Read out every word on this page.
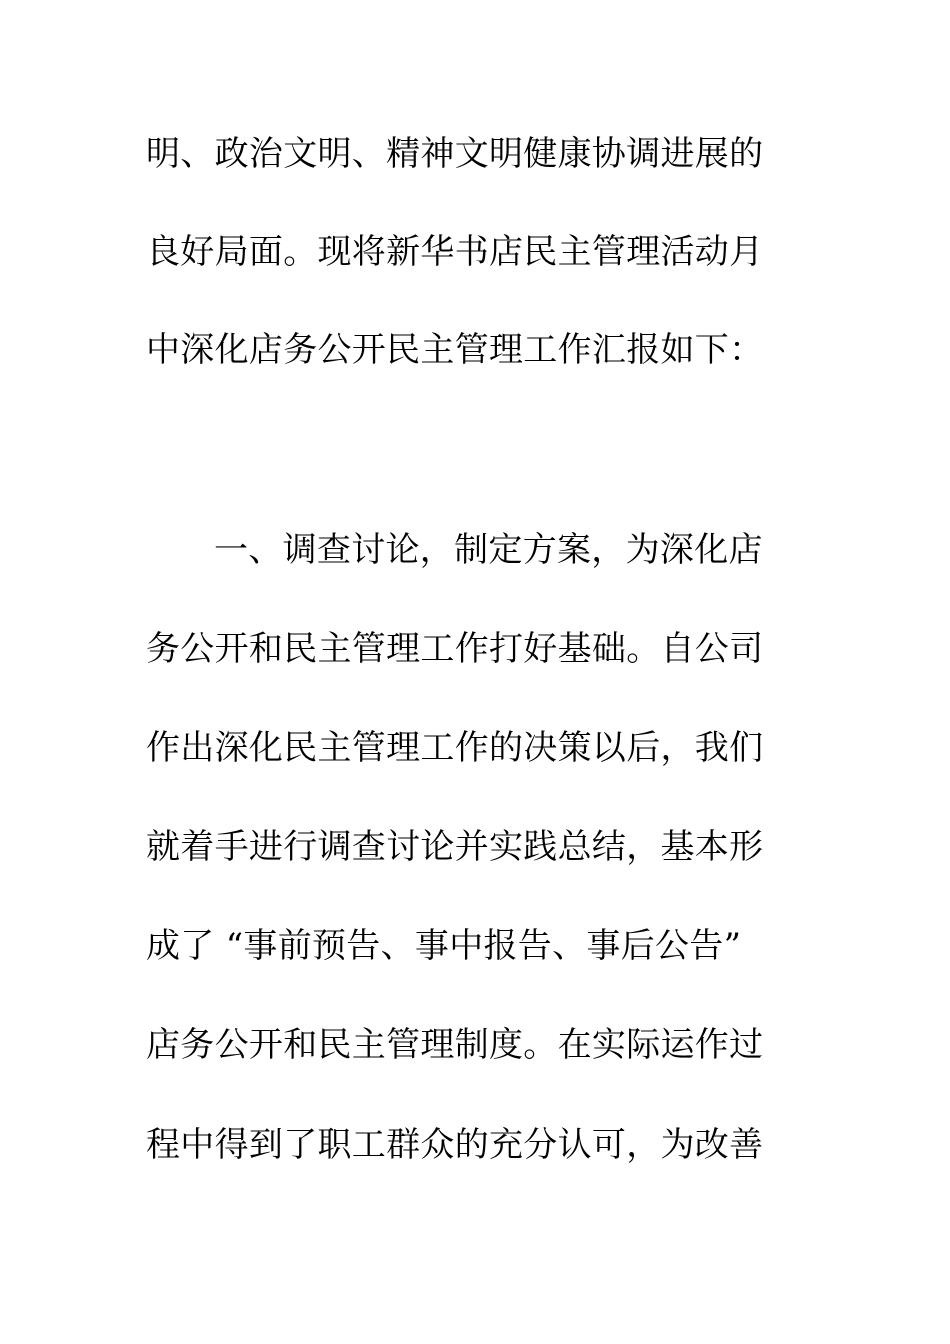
明、政治文明、精神文明健康协调进展的
良好局面。现将新华书店民主管理活动月
中深化店务公开民主管理工作汇报如下：
一、调查讨论，制定方案，为深化店
务公开和民主管理工作打好基础。自公司
作出深化民主管理工作的决策以后，我们
就着手进行调查讨论并实践总结，基本形
成了 “事前预告、事中报告、事后公告”
店务公开和民主管理制度。在实际运作过
程中得到了职工群众的充分认可，为改善
